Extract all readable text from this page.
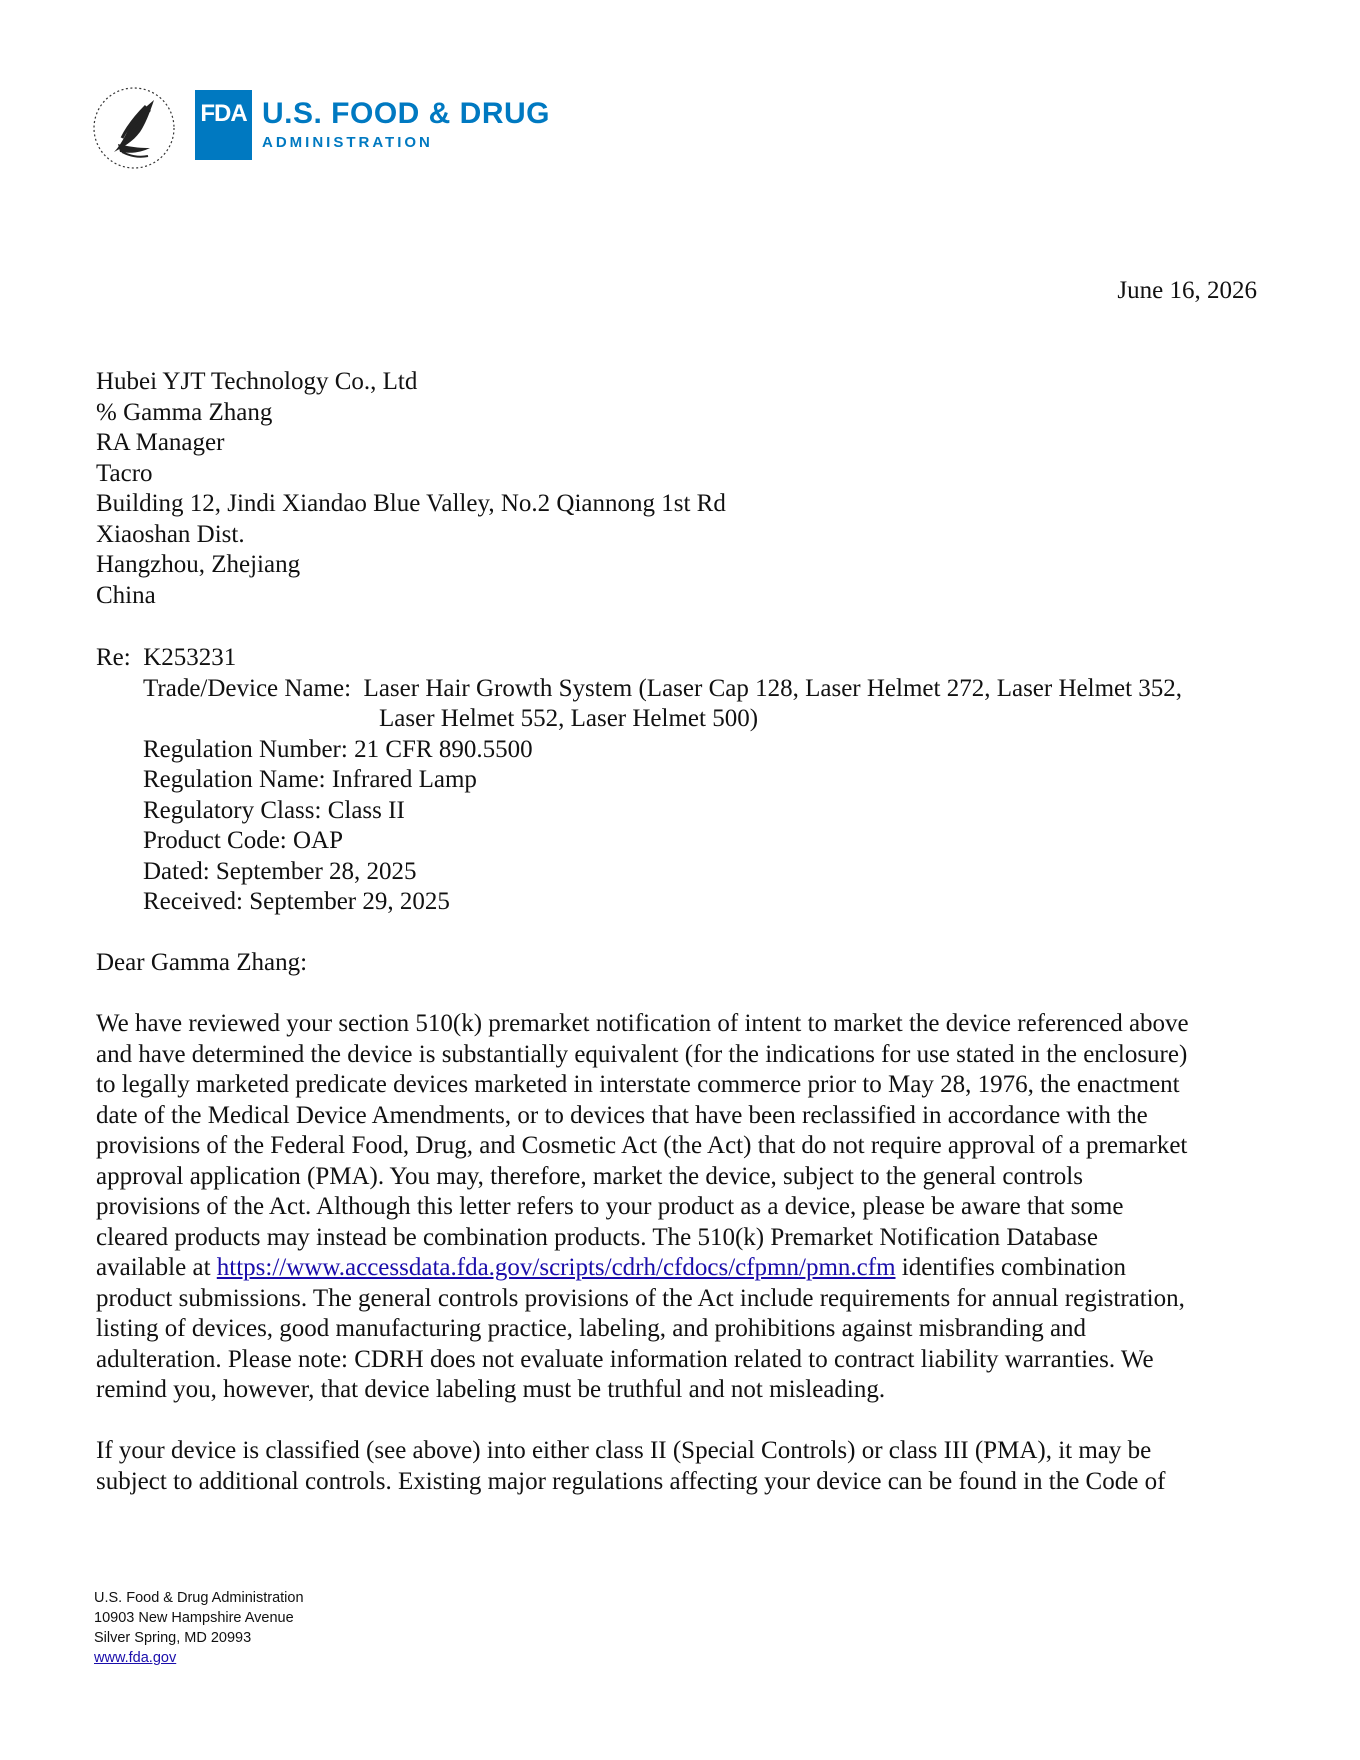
FDA U.S. FOOD & DRUG
ADMINISTRATION
June 16, 2026
Hubei YJT Technology Co., Ltd
% Gamma Zhang
RA Manager
Tacro
Building 12, Jindi Xiandao Blue Valley, No.2 Qiannong 1st Rd
Xiaoshan Dist.
Hangzhou, Zhejiang
China
Re: K253231
Trade/Device Name: Laser Hair Growth System (Laser Cap 128, Laser Helmet 272, Laser Helmet 352,
Laser Helmet 552, Laser Helmet 500)
Regulation Number: 21 CFR 890.5500
Regulation Name: Infrared Lamp
Regulatory Class: Class II
Product Code: OAP
Dated: September 28, 2025
Received: September 29, 2025
Dear Gamma Zhang:
We have reviewed your section 510(k) premarket notification of intent to market the device referenced above
and have determined the device is substantially equivalent (for the indications for use stated in the enclosure)
to legally marketed predicate devices marketed in interstate commerce prior to May 28, 1976, the enactment
date of the Medical Device Amendments, or to devices that have been reclassified in accordance with the
provisions of the Federal Food, Drug, and Cosmetic Act (the Act) that do not require approval of a premarket
approval application (PMA). You may, therefore, market the device, subject to the general controls
provisions of the Act. Although this letter refers to your product as a device, please be aware that some
cleared products may instead be combination products. The 510(k) Premarket Notification Database
available at https://www.accessdata.fda.gov/scripts/cdrh/cfdocs/cfpmn/pmn.cfm identifies combination
product submissions. The general controls provisions of the Act include requirements for annual registration,
listing of devices, good manufacturing practice, labeling, and prohibitions against misbranding and
adulteration. Please note: CDRH does not evaluate information related to contract liability warranties. We
remind you, however, that device labeling must be truthful and not misleading.
If your device is classified (see above) into either class II (Special Controls) or class III (PMA), it may be
subject to additional controls. Existing major regulations affecting your device can be found in the Code of
U.S. Food & Drug Administration
10903 New Hampshire Avenue
Silver Spring, MD 20993
www.fda.gov
